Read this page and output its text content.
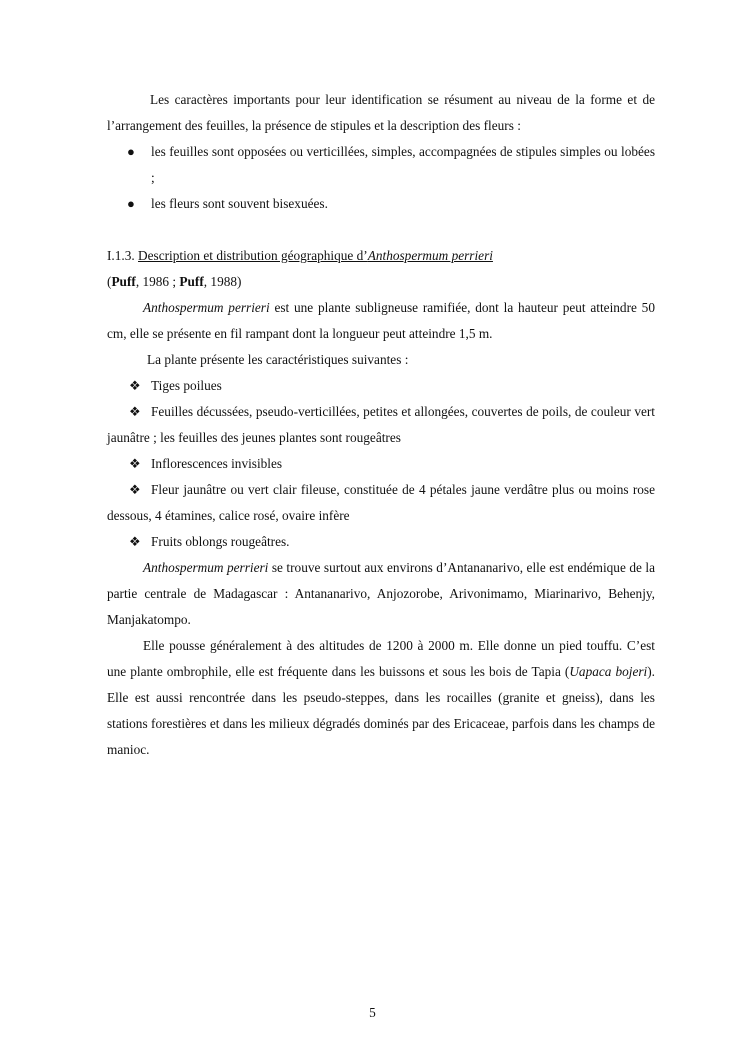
Les caractères importants pour leur identification se résument au niveau de la forme et de l’arrangement des feuilles, la présence de stipules et la description des fleurs :

● les feuilles sont opposées ou verticillées, simples, accompagnées de stipules simples ou lobées ;
● les fleurs sont souvent bisexuées.

I.1.3. Description et distribution géographique d’Anthospermum perrieri

(Puff, 1986 ; Puff, 1988)

Anthospermum perrieri est une plante subligneuse ramifiée, dont la hauteur peut atteindre 50 cm, elle se présente en fil rampant dont la longueur peut atteindre 1,5 m.

La plante présente les caractéristiques suivantes :

❖ Tiges poilues

❖ Feuilles décussées, pseudo-verticillées, petites et allongées, couvertes de poils, de couleur vert jaunâtre ; les feuilles des jeunes plantes sont rougeâtres

❖ Inflorescences invisibles

❖ Fleur jaunâtre ou vert clair fileuse, constituée de 4 pétales jaune verdâtre plus ou moins rose dessous, 4 étamines, calice rosé, ovaire infère

❖ Fruits oblongs rougeâtres.

Anthospermum perrieri se trouve surtout aux environs d’Antananarivo, elle est endémique de la partie centrale de Madagascar : Antananarivo, Anjozorobe, Arivonimamo, Miarinarivo, Behenjy, Manjakatompo.

Elle pousse généralement à des altitudes de 1200 à 2000 m. Elle donne un pied touffu. C’est une plante ombrophile, elle est fréquente dans les buissons et sous les bois de Tapia (Uapaca bojeri). Elle est aussi rencontrée dans les pseudo-steppes, dans les rocailles (granite et gneiss), dans les stations forestières et dans les milieux dégradés dominés par des Ericaceae, parfois dans les champs de manioc.

5
